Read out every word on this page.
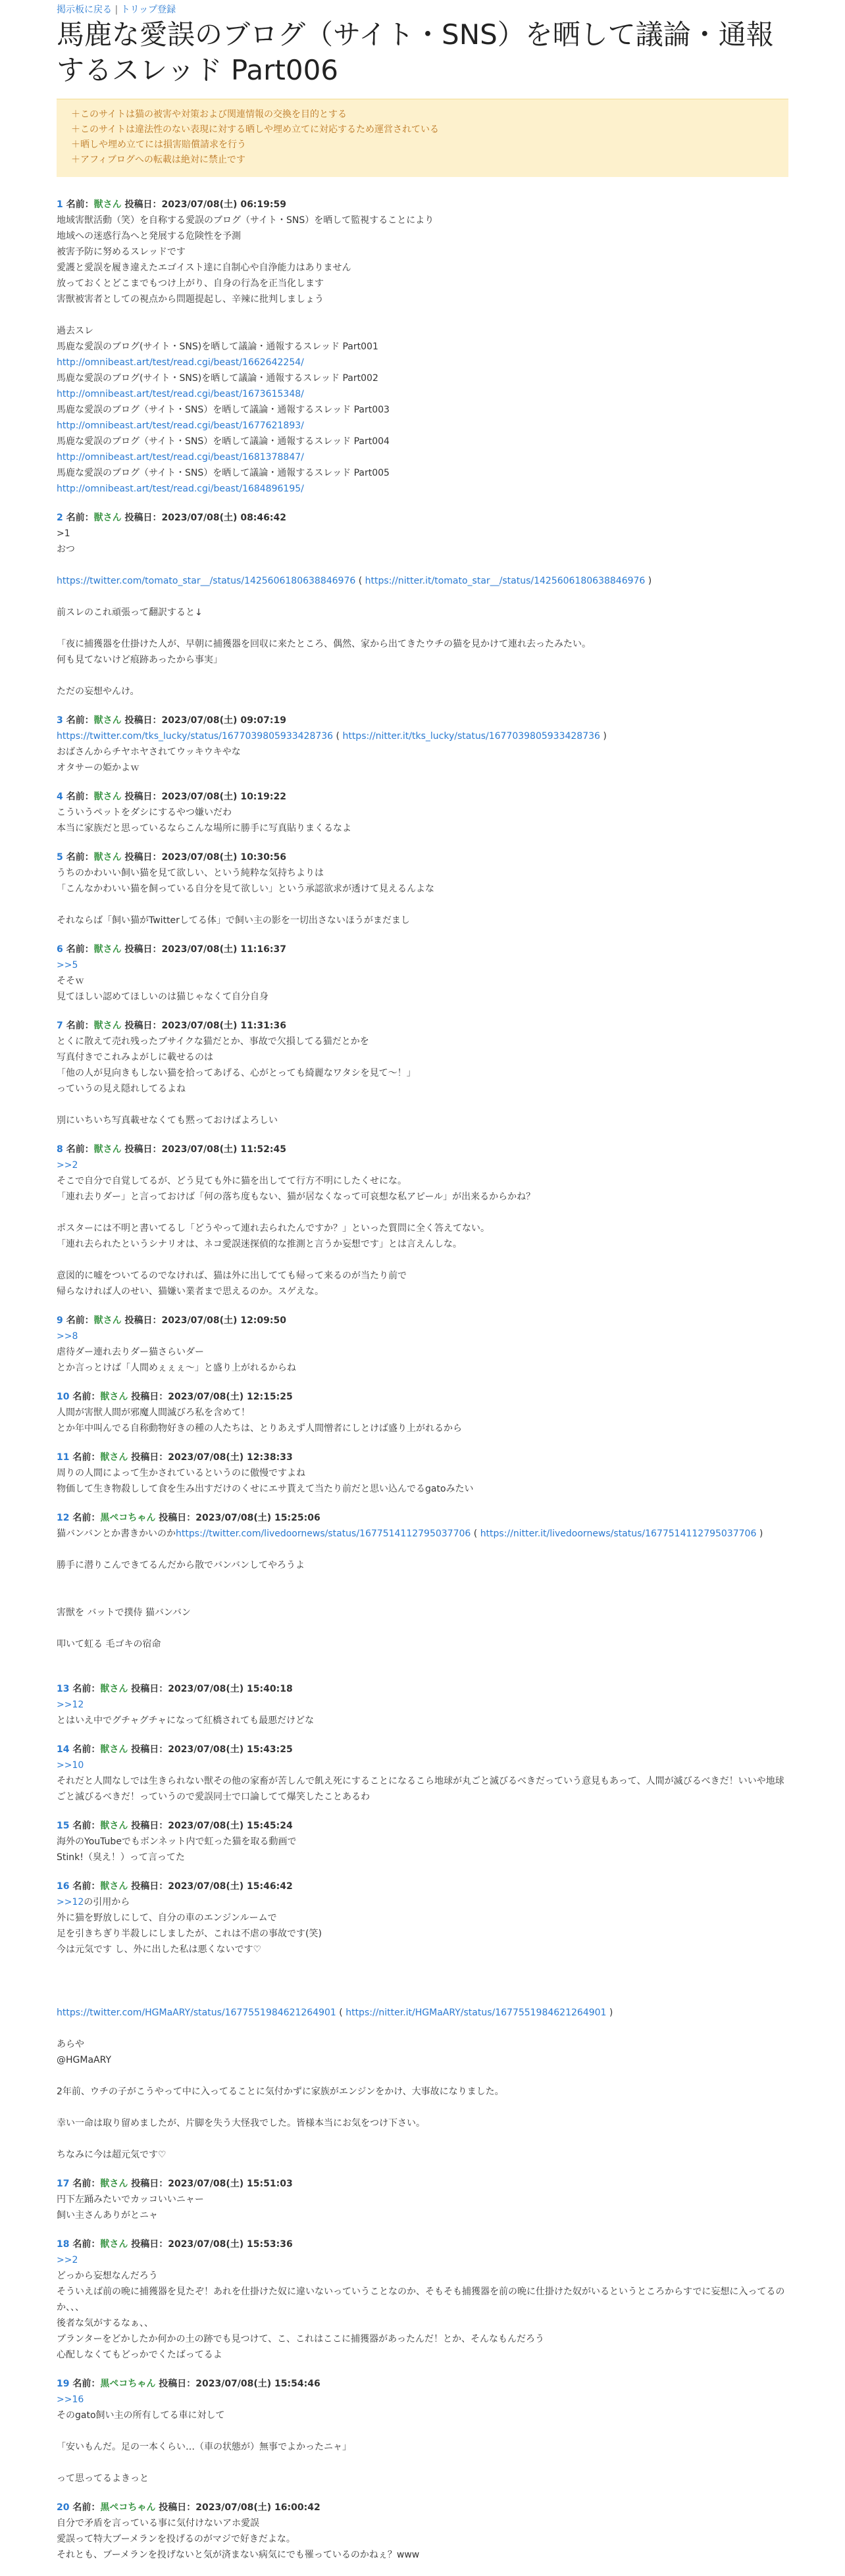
掲示板に戻る | トリップ登録
馬鹿な愛誤のブログ（サイト・SNS）を晒して議論・通報するスレッド Part006
＋このサイトは猫の被害や対策および関連情報の交換を目的とする
＋このサイトは違法性のない表現に対する晒しや埋め立てに対応するため運営されている
＋晒しや埋め立てには損害賠償請求を行う
＋アフィブログへの転載は絶対に禁止です
1 名前：獣さん 投稿日：2023/07/08(土) 06:19:59
地域害獣活動（笑）を自称する愛誤のブログ（サイト・SNS）を晒して監視することにより
地域への迷惑行為へと発展する危険性を予測
被害予防に努めるスレッドです
愛護と愛誤を履き違えたエゴイスト達に自制心や自浄能力はありません
放っておくとどこまでもつけ上がり、自身の行為を正当化します
害獣被害者としての視点から問題提起し、辛辣に批判しましょう
過去スレ
馬鹿な愛誤のブログ(サイト・SNS)を晒して議論・通報するスレッド Part001
http://omnibeast.art/test/read.cgi/beast/1662642254/
馬鹿な愛誤のブログ(サイト・SNS)を晒して議論・通報するスレッド Part002
http://omnibeast.art/test/read.cgi/beast/1673615348/
馬鹿な愛誤のブログ（サイト・SNS）を晒して議論・通報するスレッド Part003
http://omnibeast.art/test/read.cgi/beast/1677621893/
馬鹿な愛誤のブログ（サイト・SNS）を晒して議論・通報するスレッド Part004
http://omnibeast.art/test/read.cgi/beast/1681378847/
馬鹿な愛誤のブログ（サイト・SNS）を晒して議論・通報するスレッド Part005
http://omnibeast.art/test/read.cgi/beast/1684896195/
2 名前：獣さん 投稿日：2023/07/08(土) 08:46:42
>1
おつ
https://twitter.com/tomato_star__/status/1425606180638846976 ( https://nitter.it/tomato_star__/status/1425606180638846976 )
前スレのこれ頑張って翻訳すると↓
「夜に捕獲器を仕掛けた人が、早朝に捕獲器を回収に来たところ、偶然、家から出てきたウチの猫を見かけて連れ去ったみたい。
何も見てないけど痕跡あったから事実」
ただの妄想やんけ。
3 名前：獣さん 投稿日：2023/07/08(土) 09:07:19
https://twitter.com/tks_lucky/status/1677039805933428736 ( https://nitter.it/tks_lucky/status/1677039805933428736 )
おばさんからチヤホヤされてウッキウキやな
オタサーの姫かよｗ
4 名前：獣さん 投稿日：2023/07/08(土) 10:19:22
こういうペットをダシにするやつ嫌いだわ
本当に家族だと思っているならこんな場所に勝手に写真貼りまくるなよ
5 名前：獣さん 投稿日：2023/07/08(土) 10:30:56
うちのかわいい飼い猫を見て欲しい、という純粋な気持ちよりは
「こんなかわいい猫を飼っている自分を見て欲しい」という承認欲求が透けて見えるんよな
それならば「飼い猫がTwitterしてる体」で飼い主の影を一切出さないほうがまだまし
6 名前：獣さん 投稿日：2023/07/08(土) 11:16:37
>>5
そそｗ
見てほしい認めてほしいのは猫じゃなくて自分自身
7 名前：獣さん 投稿日：2023/07/08(土) 11:31:36
とくに散えて売れ残ったブサイクな猫だとか、事故で欠損してる猫だとかを
写真付きでこれみよがしに載せるのは
「他の人が見向きもしない猫を拾ってあげる、心がとっても綺麗なワタシを見て〜！」
っていうの見え隠れしてるよね
別にいちいち写真載せなくても黙っておけばよろしい
8 名前：獣さん 投稿日：2023/07/08(土) 11:52:45
>>2
そこで自分で自覚してるが、どう見ても外に猫を出してて行方不明にしたくせにな。
「連れ去りダー」と言っておけば「何の落ち度もない、猫が居なくなって可哀想な私アピール」が出来るからかね？
ポスターには不明と書いてるし「どうやって連れ去られたんですか？」といった質問に全く答えてない。
「連れ去られたというシナリオは、ネコ愛誤迷探偵的な推測と言うか妄想です」とは言えんしな。
意図的に嘘をついてるのでなければ、猫は外に出してても帰って来るのが当たり前で
帰らなければ人のせい、猫嫌い業者まで思えるのか。スゲえな。
9 名前：獣さん 投稿日：2023/07/08(土) 12:09:50
>>8
虐待ダー連れ去りダー猫さらいダー
とか言っとけば「人間めぇぇぇ〜」と盛り上がれるからね
10 名前：獣さん 投稿日：2023/07/08(土) 12:15:25
人間が害獣人間が邪魔人間滅びろ私を含めて！
とか年中叫んでる自称動物好きの種の人たちは、とりあえず人間憎者にしとけば盛り上がれるから
11 名前：獣さん 投稿日：2023/07/08(土) 12:38:33
周りの人間によって生かされているというのに傲慢ですよね
物価して生き物殺しして食を生み出すだけのくせにエサ貰えて当たり前だと思い込んでるgatoみたい
12 名前：黒ペコちゃん 投稿日：2023/07/08(土) 15:25:06
猫バンバンとか書きかいのかhttps://twitter.com/livedoornews/status/1677514112795037706 ( https://nitter.it/livedoornews/status/1677514112795037706 )
勝手に潜りこんできてるんだから散でバンバンしてやろうよ
害獣を バットで撲侍 猫バンバン
叩いて虹る 毛ゴキの宿命
13 名前：獣さん 投稿日：2023/07/08(土) 15:40:18
>>12
とはいえ中でグチャグチャになって紅橋されても最悪だけどな
14 名前：獣さん 投稿日：2023/07/08(土) 15:43:25
>>10
それだと人間なしでは生きられない獣その他の家畜が苦しんで飢え死にすることになるこら地球が丸ごと滅びるべきだっていう意見もあって、人間が滅びるべきだ！いいや地球ごと滅びるべきだ！っていうので愛誤同士で口論してて爆笑したことあるわ
15 名前：獣さん 投稿日：2023/07/08(土) 15:45:24
海外のYouTubeでもボンネット内で虹った猫を取る動画で
Stink!（臭え！）って言ってた
16 名前：獣さん 投稿日：2023/07/08(土) 15:46:42
>>12の引用から
外に猫を野放しにして、自分の車のエンジンルームで
足を引きちぎり半殺しにしましたが、これは不虐の事故です(笑)
今は元気です し、外に出した私は悪くないです♡
https://twitter.com/HGMaARY/status/1677551984621264901 ( https://nitter.it/HGMaARY/status/1677551984621264901 )
あらや
@HGMaARY
2年前、ウチの子がこうやって中に入ってることに気付かずに家族がエンジンをかけ、大事故になりました。
幸い一命は取り留めましたが、片脚を失う大怪我でした。皆様本当にお気をつけ下さい。
ちなみに今は超元気です♡
17 名前：獣さん 投稿日：2023/07/08(土) 15:51:03
円下左踊みたいでカッコいいニャー
飼い主さんありがとニャ
18 名前：獣さん 投稿日：2023/07/08(土) 15:53:36
>>2
どっから妄想なんだろう
そういえば前の晩に捕獲器を見たぞ！あれを仕掛けた奴に違いないっていうことなのか、そもそも捕獲器を前の晩に仕掛けた奴がいるというところからすでに妄想に入ってるのか、、、
後者な気がするなぁ、、
ブランターをどかしたか何かの土の跡でも見つけて、こ、これはここに捕獲器があったんだ！とか、そんなもんだろう
心配しなくてもどっかでくたばってるよ
19 名前：黒ペコちゃん 投稿日：2023/07/08(土) 15:54:46
>>16
そのgato飼い主の所有してる車に対して
「安いもんだ。足の一本くらい…（車の状態が）無事でよかったニャ」
って思ってるよきっと
20 名前：黒ペコちゃん 投稿日：2023/07/08(土) 16:00:42
自分で矛盾を言っている事に気付けないアホ愛誤
愛誤って特大ブーメランを投げるのがマジで好きだよな。
それとも、ブーメランを投げないと気が済まない病気にでも罹っているのかねぇ？www
